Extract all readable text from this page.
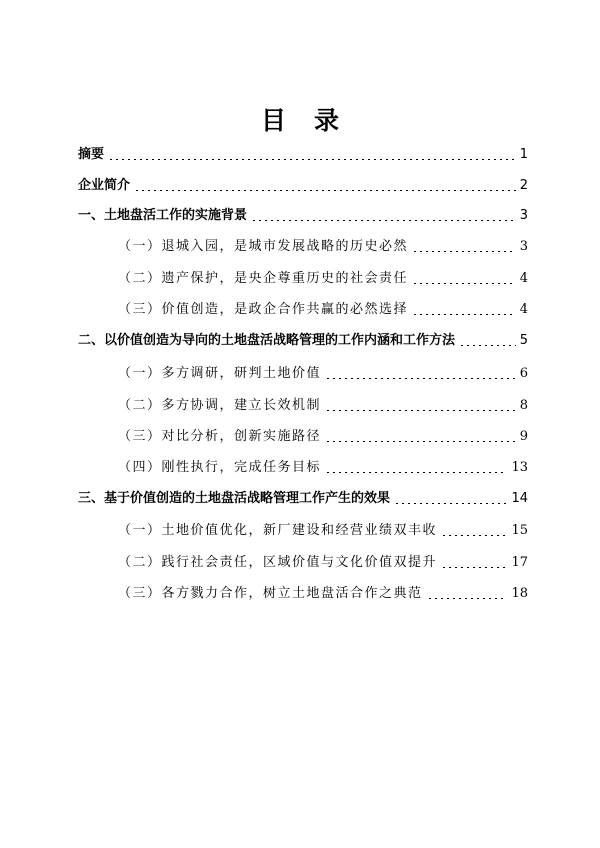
目 录
摘要	1
企业简介	2
一、土地盘活工作的实施背景	3
（一）退城入园，是城市发展战略的历史必然	3
（二）遗产保护，是央企尊重历史的社会责任	4
（三）价值创造，是政企合作共赢的必然选择	4
二、以价值创造为导向的土地盘活战略管理的工作内涵和工作方法	5
（一）多方调研，研判土地价值	6
（二）多方协调，建立长效机制	8
（三）对比分析，创新实施路径	9
（四）刚性执行，完成任务目标	13
三、基于价值创造的土地盘活战略管理工作产生的效果	14
（一）土地价值优化，新厂建设和经营业绩双丰收	15
（二）践行社会责任，区域价值与文化价值双提升	17
（三）各方戮力合作，树立土地盘活合作之典范	18
